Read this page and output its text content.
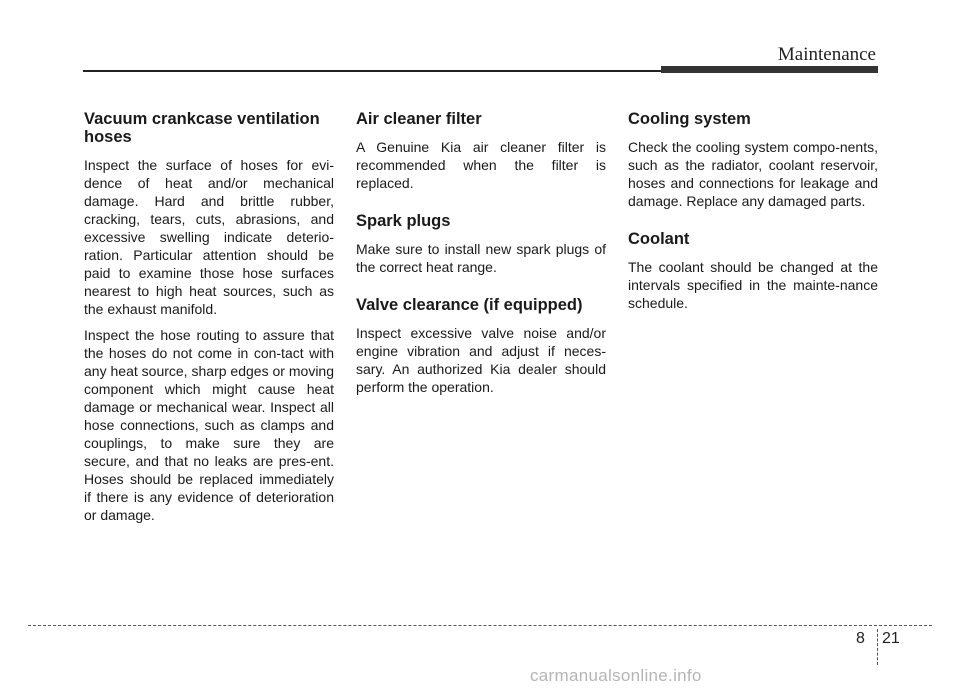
Maintenance
Vacuum crankcase ventilation hoses

Inspect the surface of hoses for evi-dence of heat and/or mechanical damage. Hard and brittle rubber, cracking, tears, cuts, abrasions, and excessive swelling indicate deterio-ration. Particular attention should be paid to examine those hose surfaces nearest to high heat sources, such as the exhaust manifold.

Inspect the hose routing to assure that the hoses do not come in con-tact with any heat source, sharp edges or moving component which might cause heat damage or mechanical wear. Inspect all hose connections, such as clamps and couplings, to make sure they are secure, and that no leaks are pres-ent. Hoses should be replaced immediately if there is any evidence of deterioration or damage.

Air cleaner filter

A Genuine Kia air cleaner filter is recommended when the filter is replaced.

Spark plugs

Make sure to install new spark plugs of the correct heat range.

Valve clearance (if equipped)

Inspect excessive valve noise and/or engine vibration and adjust if neces-sary. An authorized Kia dealer should perform the operation.

Cooling system

Check the cooling system compo-nents, such as the radiator, coolant reservoir, hoses and connections for leakage and damage. Replace any damaged parts.

Coolant

The coolant should be changed at the intervals specified in the mainte-nance schedule.

8 21
carmanualsonline.info
